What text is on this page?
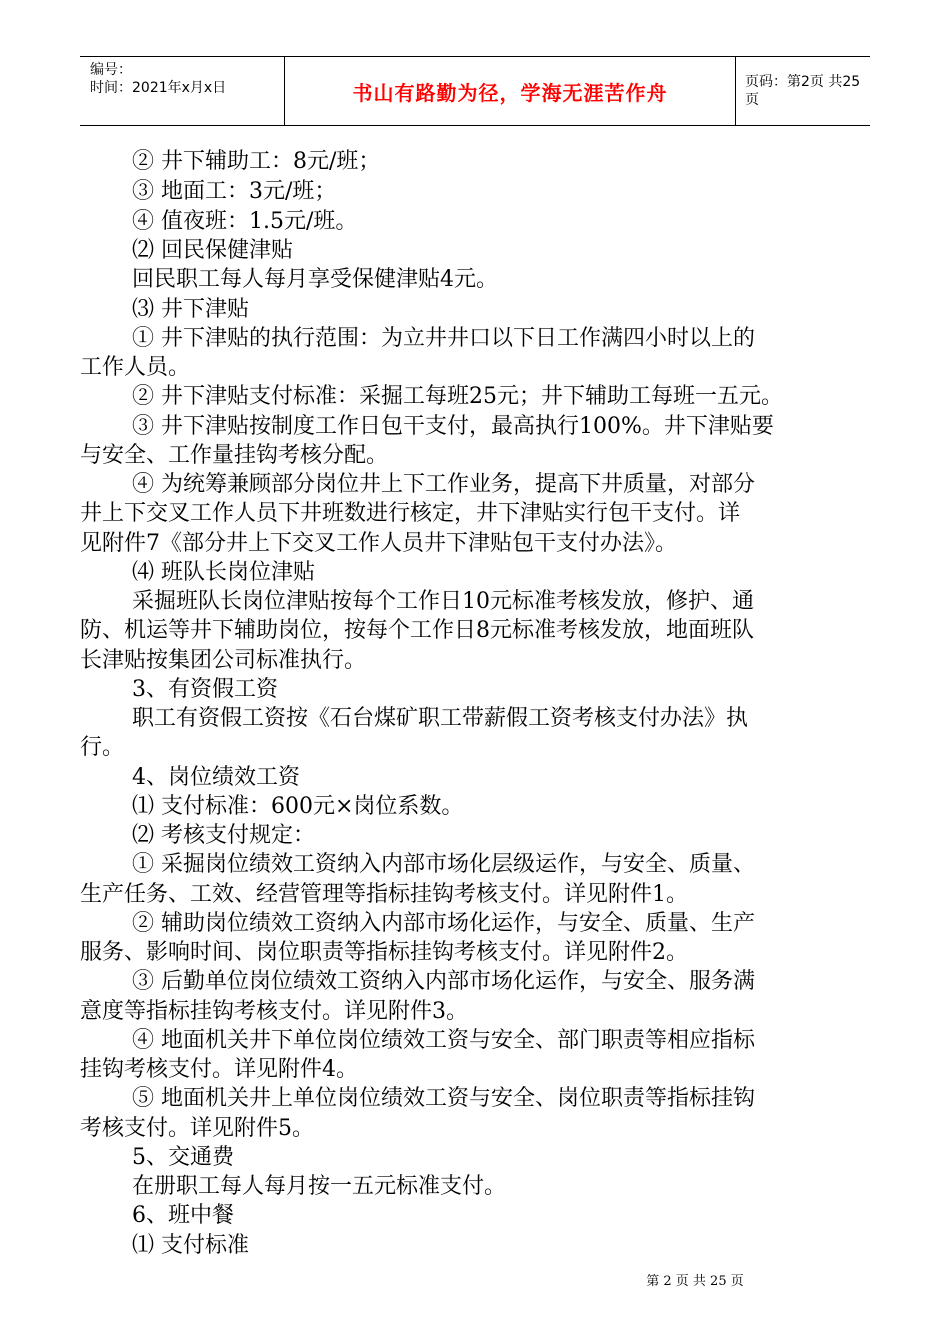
编号：
时间：2021年x月x日	书山有路勤为径，学海无涯苦作舟	页码：第2页 共25页
② 井下辅助工：8元/班；
③ 地面工：3元/班；
④ 值夜班：1.5元/班。
⑵ 回民保健津贴
回民职工每人每月享受保健津贴4元。
⑶ 井下津贴
① 井下津贴的执行范围：为立井井口以下日工作满四小时以上的
工作人员。
② 井下津贴支付标准：采掘工每班25元；井下辅助工每班一五元。
③ 井下津贴按制度工作日包干支付，最高执行100%。井下津贴要
与安全、工作量挂钩考核分配。
④ 为统筹兼顾部分岗位井上下工作业务，提高下井质量，对部分
井上下交叉工作人员下井班数进行核定，井下津贴实行包干支付。详
见附件7《部分井上下交叉工作人员井下津贴包干支付办法》。
⑷ 班队长岗位津贴
采掘班队长岗位津贴按每个工作日10元标准考核发放，修护、通
防、机运等井下辅助岗位，按每个工作日8元标准考核发放，地面班队
长津贴按集团公司标准执行。
3、有资假工资
职工有资假工资按《石台煤矿职工带薪假工资考核支付办法》执
行。
4、岗位绩效工资
⑴ 支付标准：600元×岗位系数。
⑵ 考核支付规定：
① 采掘岗位绩效工资纳入内部市场化层级运作，与安全、质量、
生产任务、工效、经营管理等指标挂钩考核支付。详见附件1。
② 辅助岗位绩效工资纳入内部市场化运作，与安全、质量、生产
服务、影响时间、岗位职责等指标挂钩考核支付。详见附件2。
③ 后勤单位岗位绩效工资纳入内部市场化运作，与安全、服务满
意度等指标挂钩考核支付。详见附件3。
④ 地面机关井下单位岗位绩效工资与安全、部门职责等相应指标
挂钩考核支付。详见附件4。
⑤ 地面机关井上单位岗位绩效工资与安全、岗位职责等指标挂钩
考核支付。详见附件5。
5、交通费
在册职工每人每月按一五元标准支付。
6、班中餐
⑴ 支付标准
第 2 页 共 25 页
